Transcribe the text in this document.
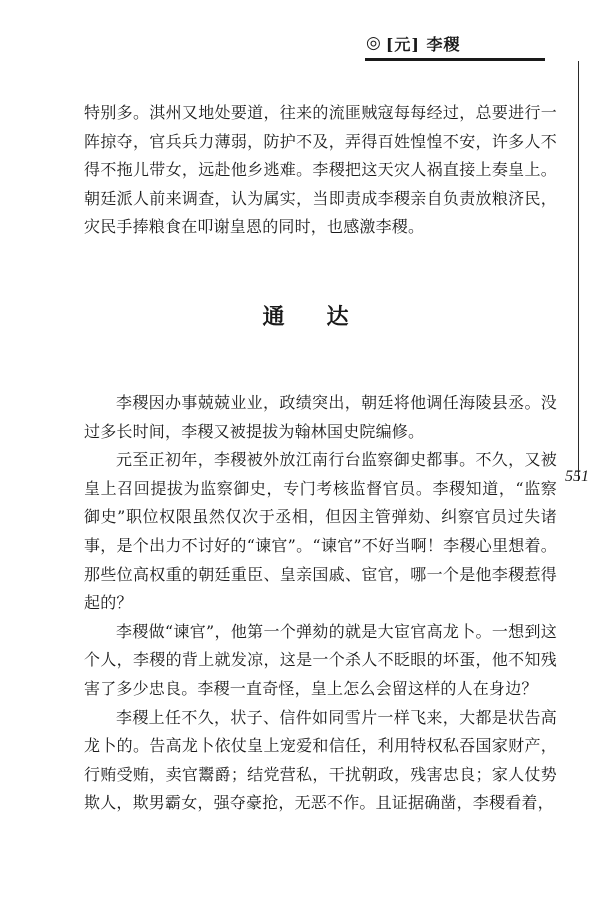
◎ [元] 李稷
551

特别多。淇州又地处要道，往来的流匪贼寇每每经过，总要进行一阵掠夺，官兵兵力薄弱，防护不及，弄得百姓惶惶不安，许多人不得不拖儿带女，远赴他乡逃难。李稷把这天灾人祸直接上奏皇上。朝廷派人前来调查，认为属实，当即责成李稷亲自负责放粮济民，灾民手捧粮食在叩谢皇恩的同时，也感激李稷。

通达

李稷因办事兢兢业业，政绩突出，朝廷将他调任海陵县丞。没过多长时间，李稷又被提拔为翰林国史院编修。

元至正初年，李稷被外放江南行台监察御史都事。不久，又被皇上召回提拔为监察御史，专门考核监督官员。李稷知道，“监察御史”职位权限虽然仅次于丞相，但因主管弹劾、纠察官员过失诸事，是个出力不讨好的“谏官”。“谏官”不好当啊！李稷心里想着。那些位高权重的朝廷重臣、皇亲国戚、宦官，哪一个是他李稷惹得起的？

李稷做“谏官”，他第一个弹劾的就是大宦官高龙卜。一想到这个人，李稷的背上就发凉，这是一个杀人不眨眼的坏蛋，他不知残害了多少忠良。李稷一直奇怪，皇上怎么会留这样的人在身边？

李稷上任不久，状子、信件如同雪片一样飞来，大都是状告高龙卜的。告高龙卜依仗皇上宠爱和信任，利用特权私吞国家财产，行贿受贿，卖官鬻爵；结党营私，干扰朝政，残害忠良；家人仗势欺人，欺男霸女，强夺豪抢，无恶不作。且证据确凿，李稷看着，
